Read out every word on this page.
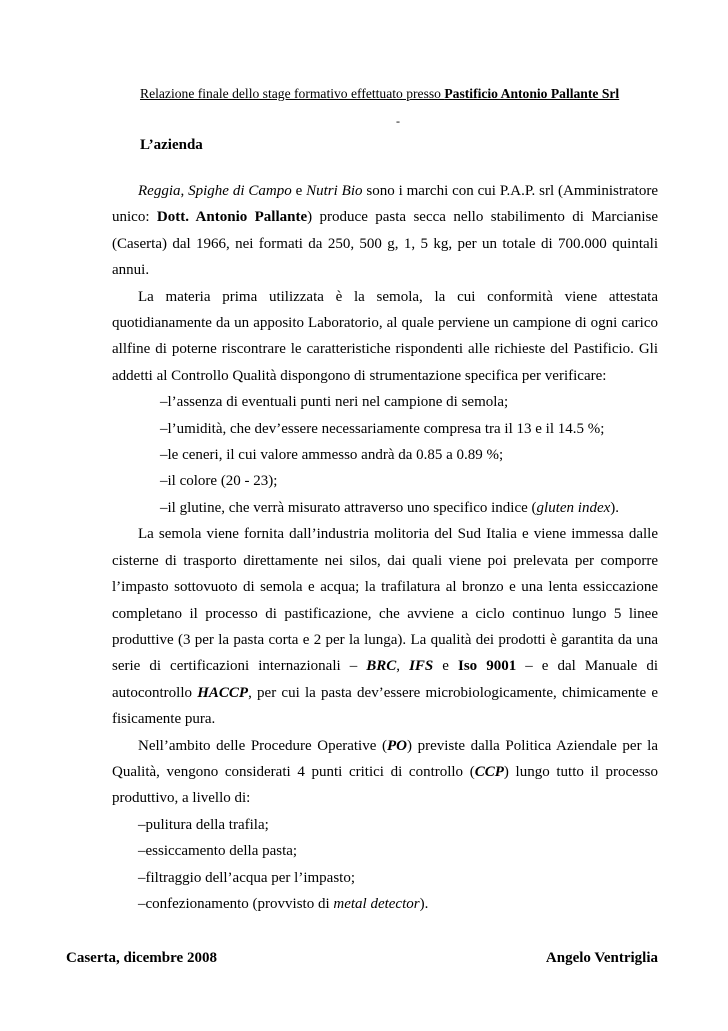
Relazione finale dello stage formativo effettuato presso Pastificio Antonio Pallante Srl
-
L’azienda

Reggia, Spighe di Campo e Nutri Bio sono i marchi con cui P.A.P. srl (Amministratore unico: Dott. Antonio Pallante) produce pasta secca nello stabilimento di Marcianise (Caserta) dal 1966, nei formati da 250, 500 g, 1, 5 kg, per un totale di 700.000 quintali annui.

La materia prima utilizzata è la semola, la cui conformità viene attestata quotidianamente da un apposito Laboratorio, al quale perviene un campione di ogni carico allfine di poterne riscontrare le caratteristiche rispondenti alle richieste del Pastificio. Gli addetti al Controllo Qualità dispongono di strumentazione specifica per verificare:

–l’assenza di eventuali punti neri nel campione di semola;
–l’umidità, che dev’essere necessariamente compresa tra il 13 e il 14.5 %;
–le ceneri, il cui valore ammesso andrà da 0.85 a 0.89 %;
–il colore (20 - 23);
–il glutine, che verrà misurato attraverso uno specifico indice (gluten index).

La semola viene fornita dall’industria molitoria del Sud Italia e viene immessa dalle cisterne di trasporto direttamente nei silos, dai quali viene poi prelevata per comporre l’impasto sottovuoto di semola e acqua; la trafilatura al bronzo e una lenta essiccazione completano il processo di pastificazione, che avviene a ciclo continuo lungo 5 linee produttive (3 per la pasta corta e 2 per la lunga). La qualità dei prodotti è garantita da una serie di certificazioni internazionali – BRC, IFS e Iso 9001 – e dal Manuale di autocontrollo HACCP, per cui la pasta dev’essere microbiologicamente, chimicamente e fisicamente pura.

Nell’ambito delle Procedure Operative (PO) previste dalla Politica Aziendale per la Qualità, vengono considerati 4 punti critici di controllo (CCP) lungo tutto il processo produttivo, a livello di:

–pulitura della trafila;
–essiccamento della pasta;
–filtraggio dell’acqua per l’impasto;
–confezionamento (provvisto di metal detector).
Caserta, dicembre 2008	Angelo Ventriglia
